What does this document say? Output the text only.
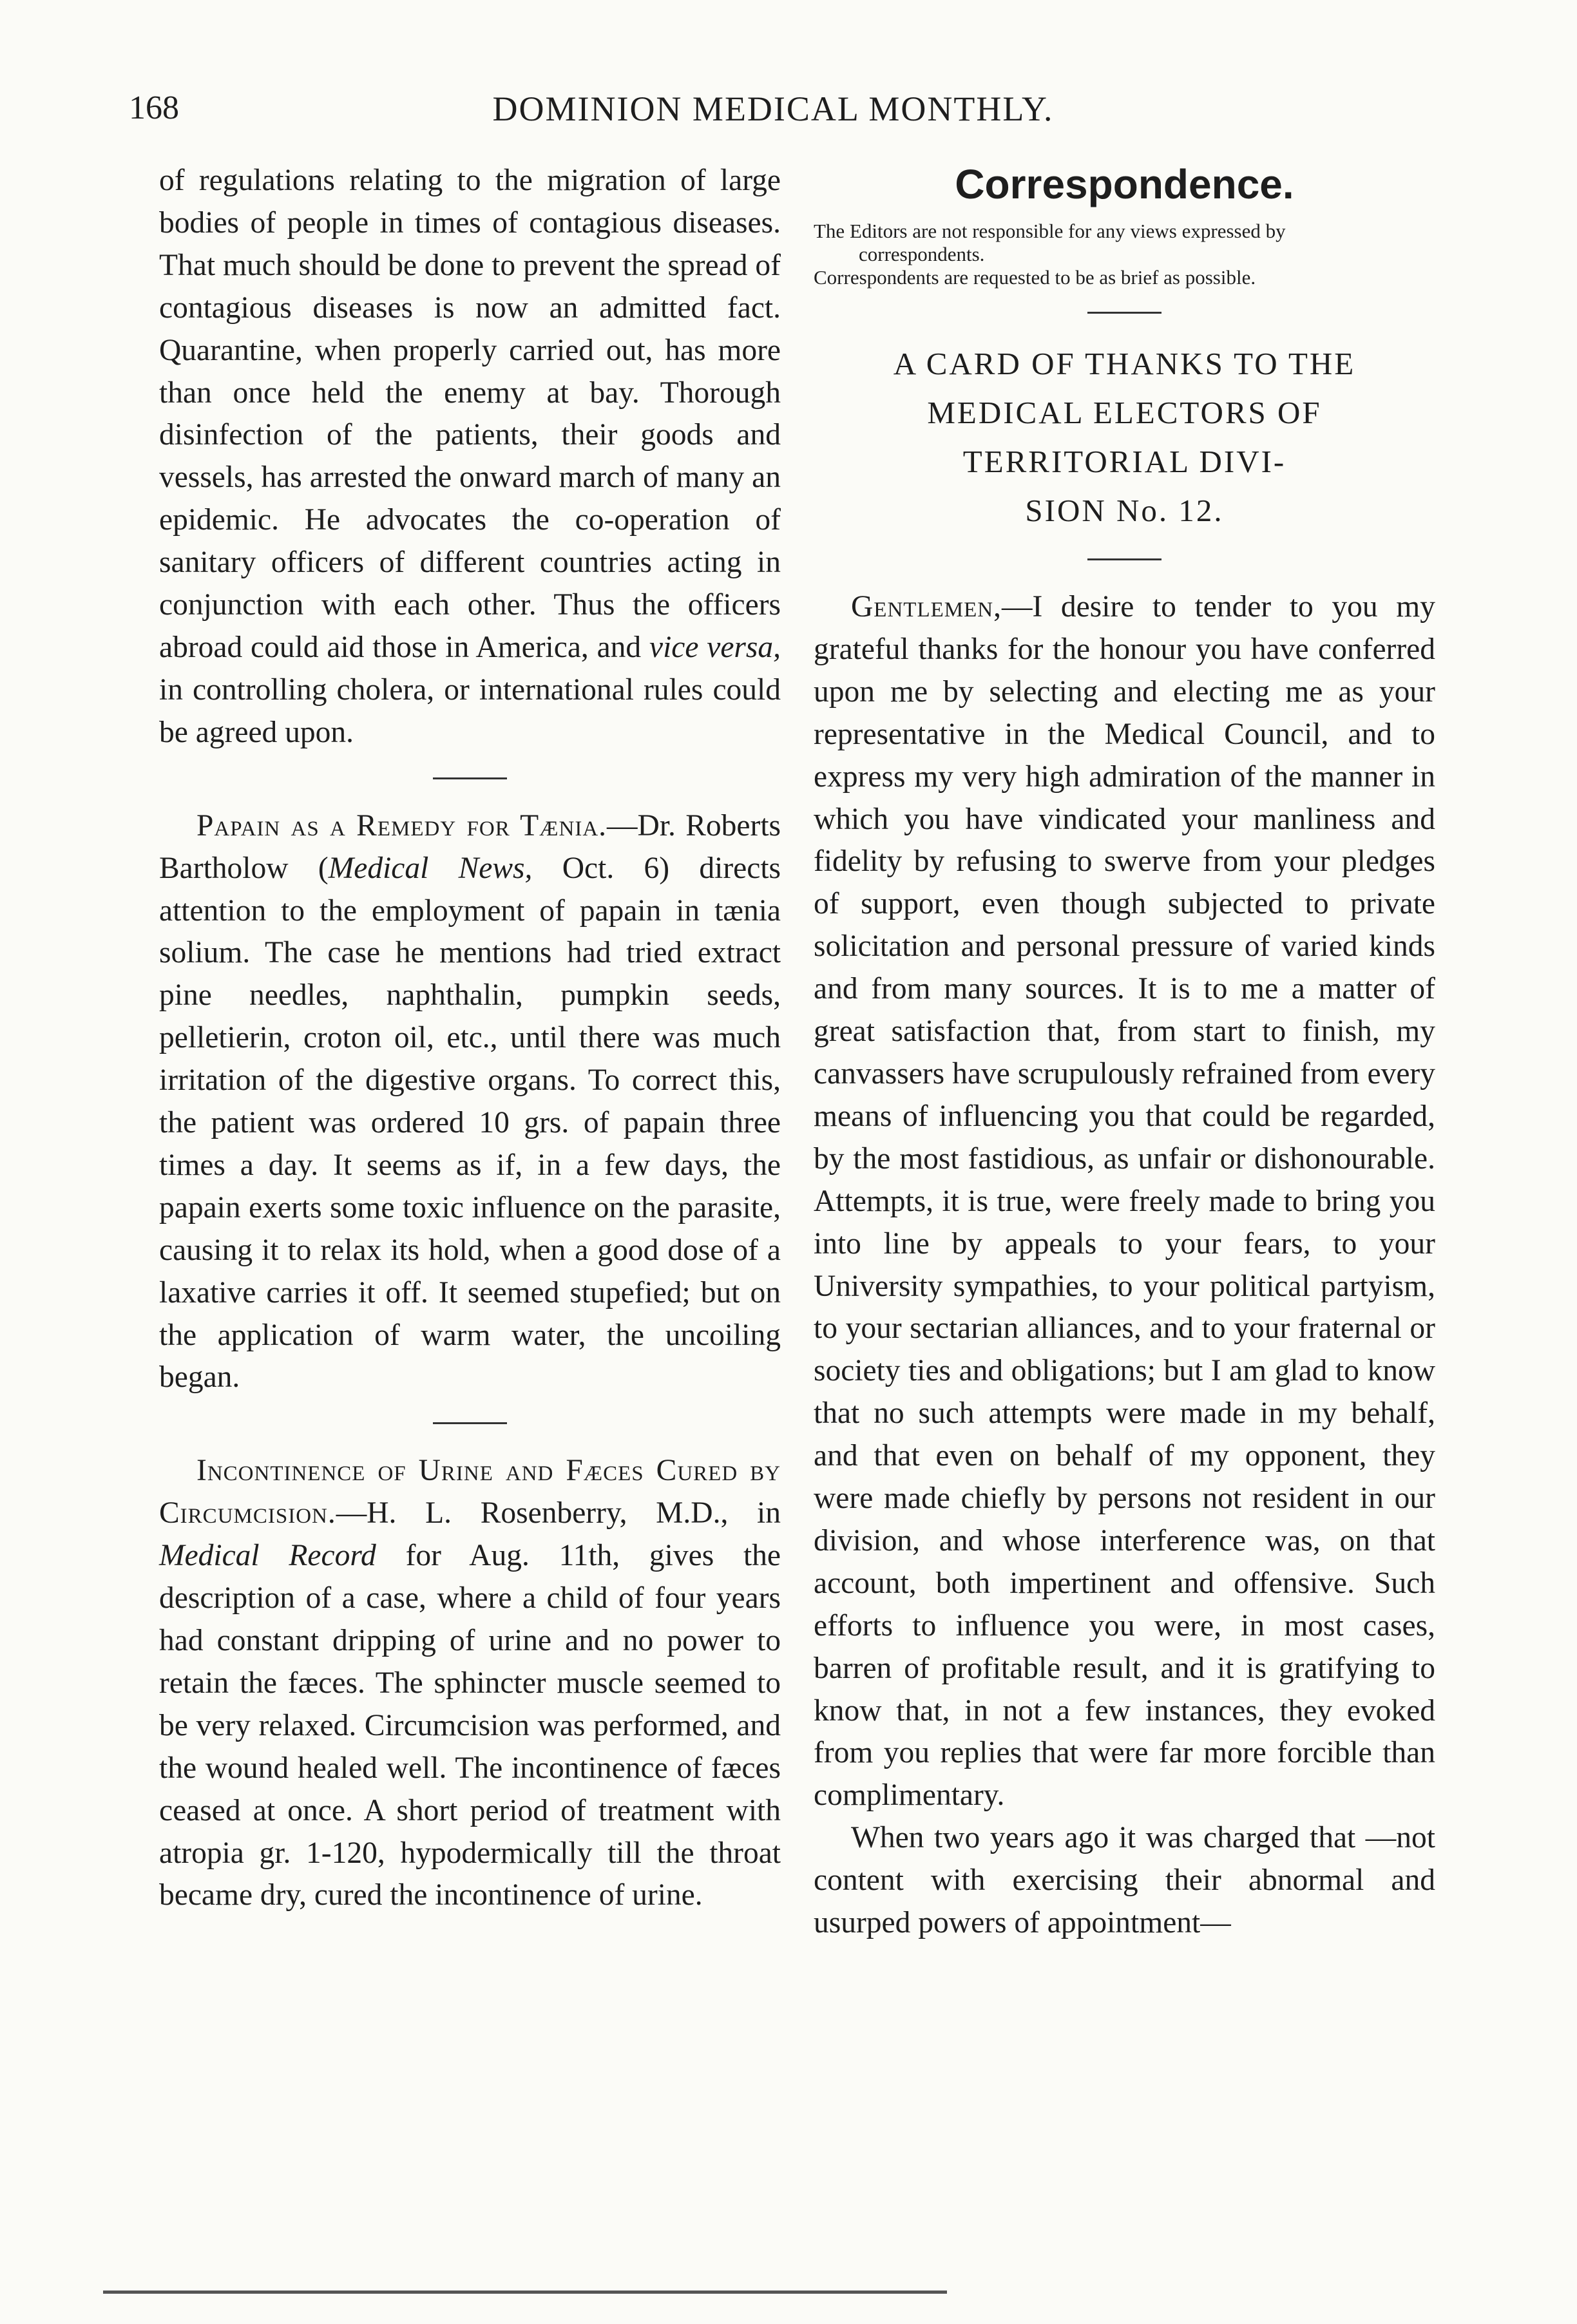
168	DOMINION MEDICAL MONTHLY.

of regulations relating to the migration of large bodies of people in times of contagious diseases. That much should be done to prevent the spread of contagious diseases is now an admitted fact. Quarantine, when properly carried out, has more than once held the enemy at bay. Thorough disinfection of the patients, their goods and vessels, has arrested the onward march of many an epidemic. He advocates the co-operation of sanitary officers of different countries acting in conjunction with each other. Thus the officers abroad could aid those in America, and vice versa, in controlling cholera, or international rules could be agreed upon.

Papain as a Remedy for Tænia.—Dr. Roberts Bartholow (Medical News, Oct. 6) directs attention to the employment of papain in tænia solium. The case he mentions had tried extract pine needles, naphthalin, pumpkin seeds, pelletierin, croton oil, etc., until there was much irritation of the digestive organs. To correct this, the patient was ordered 10 grs. of papain three times a day. It seems as if, in a few days, the papain exerts some toxic influence on the parasite, causing it to relax its hold, when a good dose of a laxative carries it off. It seemed stupefied; but on the application of warm water, the uncoiling began.

Incontinence of Urine and Fæces Cured by Circumcision.—H. L. Rosenberry, M.D., in Medical Record for Aug. 11th, gives the description of a case, where a child of four years had constant dripping of urine and no power to retain the fæces. The sphincter muscle seemed to be very relaxed. Circumcision was performed, and the wound healed well. The incontinence of fæces ceased at once. A short period of treatment with atropia gr. 1-120, hypodermically till the throat became dry, cured the incontinence of urine.

Correspondence.
The Editors are not responsible for any views expressed by
correspondents.
Correspondents are requested to be as brief as possible.
A CARD OF THANKS TO THE
MEDICAL ELECTORS OF
TERRITORIAL DIVI-
SION No. 12.

Gentlemen,—I desire to tender to you my grateful thanks for the honour you have conferred upon me by selecting and electing me as your representative in the Medical Council, and to express my very high admiration of the manner in which you have vindicated your manliness and fidelity by refusing to swerve from your pledges of support, even though subjected to private solicitation and personal pressure of varied kinds and from many sources. It is to me a matter of great satisfaction that, from start to finish, my canvassers have scrupulously refrained from every means of influencing you that could be regarded, by the most fastidious, as unfair or dishonourable. Attempts, it is true, were freely made to bring you into line by appeals to your fears, to your University sympathies, to your political partyism, to your sectarian alliances, and to your fraternal or society ties and obligations; but I am glad to know that no such attempts were made in my behalf, and that even on behalf of my opponent, they were made chiefly by persons not resident in our division, and whose interference was, on that account, both impertinent and offensive. Such efforts to influence you were, in most cases, barren of profitable result, and it is gratifying to know that, in not a few instances, they evoked from you replies that were far more forcible than complimentary.

When two years ago it was charged that —not content with exercising their abnormal and usurped powers of appointment—
